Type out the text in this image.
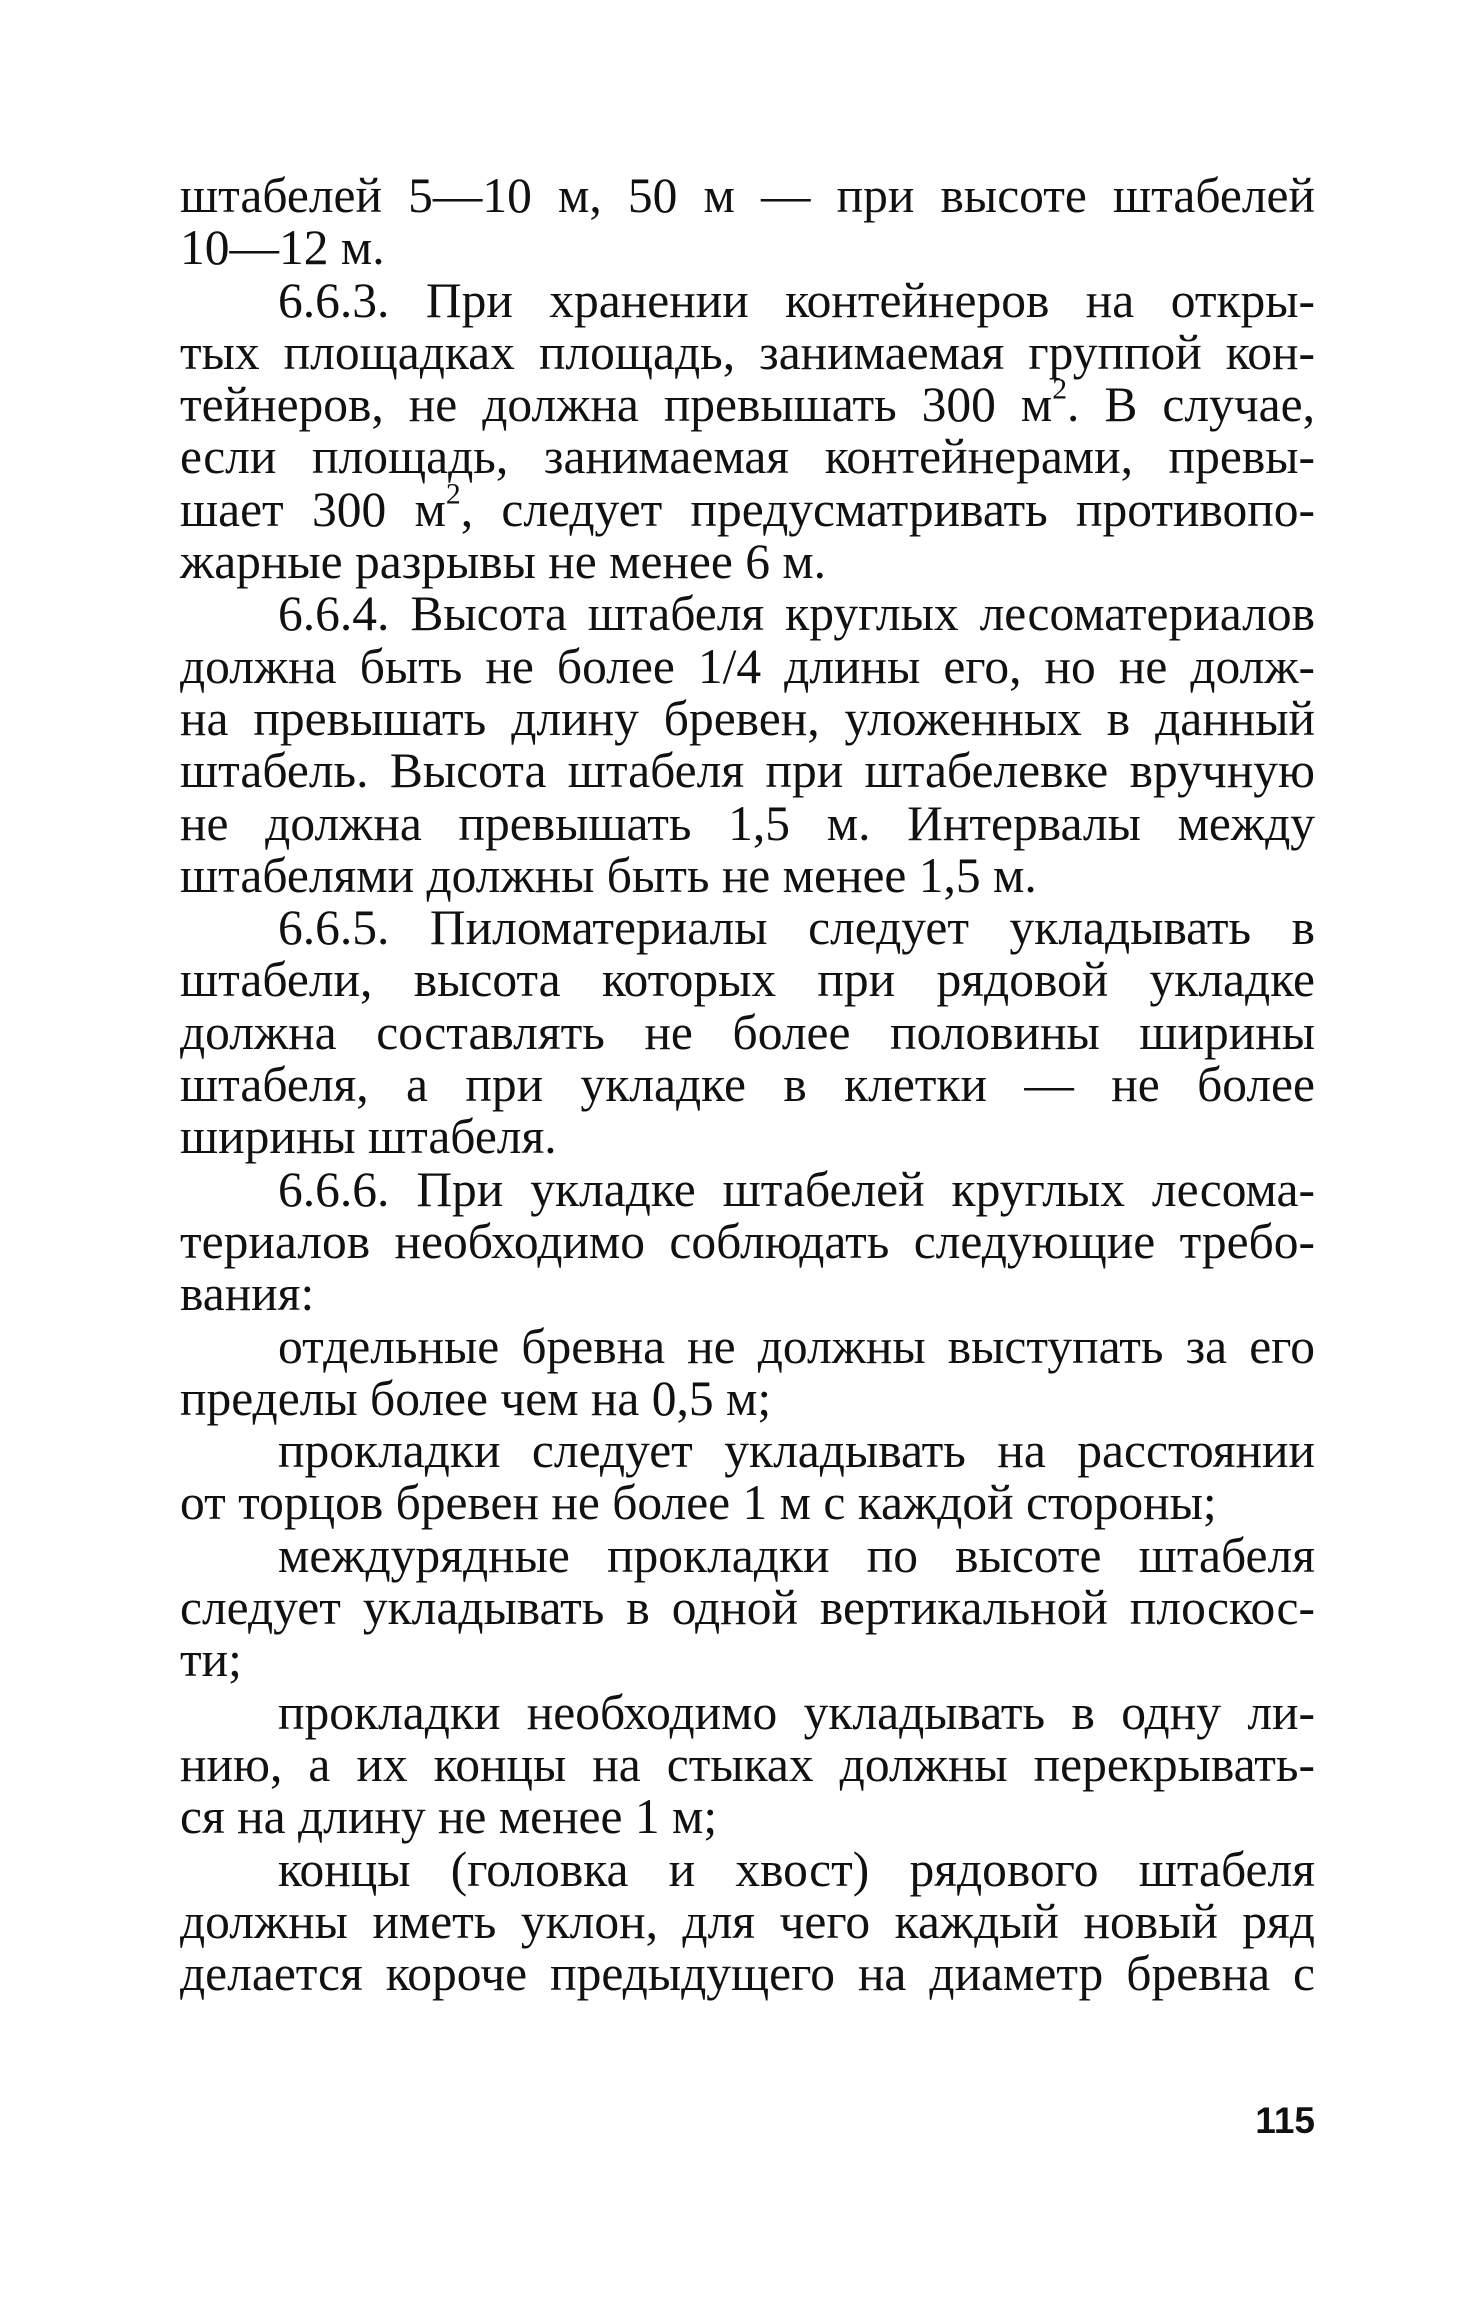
штабелей 5—10 м, 50 м — при высоте штабелей
10—12 м.
6.6.3. При хранении контейнеров на откры-
тых площадках площадь, занимаемая группой кон-
тейнеров, не должна превышать 300 $м^2$. В случае,
если площадь, занимаемая контейнерами, превы-
шает 300 $м^2$, следует предусматривать противопо-
жарные разрывы не менее 6 м.
6.6.4. Высота штабеля круглых лесоматериалов
должна быть не более 1/4 длины его, но не долж-
на превышать длину бревен, уложенных в данный
штабель. Высота штабеля при штабелевке вручную
не должна превышать 1,5 м. Интервалы между
штабелями должны быть не менее 1,5 м.
6.6.5. Пиломатериалы следует укладывать в
штабели, высота которых при рядовой укладке
должна составлять не более половины ширины
штабеля, а при укладке в клетки — не более
ширины штабеля.
6.6.6. При укладке штабелей круглых лесома-
териалов необходимо соблюдать следующие требо-
вания:
отдельные бревна не должны выступать за его
пределы более чем на 0,5 м;
прокладки следует укладывать на расстоянии
от торцов бревен не более 1 м с каждой стороны;
междурядные прокладки по высоте штабеля
следует укладывать в одной вертикальной плоскос-
ти;
прокладки необходимо укладывать в одну ли-
нию, а их концы на стыках должны перекрывать-
ся на длину не менее 1 м;
концы (головка и хвост) рядового штабеля
должны иметь уклон, для чего каждый новый ряд
делается короче предыдущего на диаметр бревна с
115
